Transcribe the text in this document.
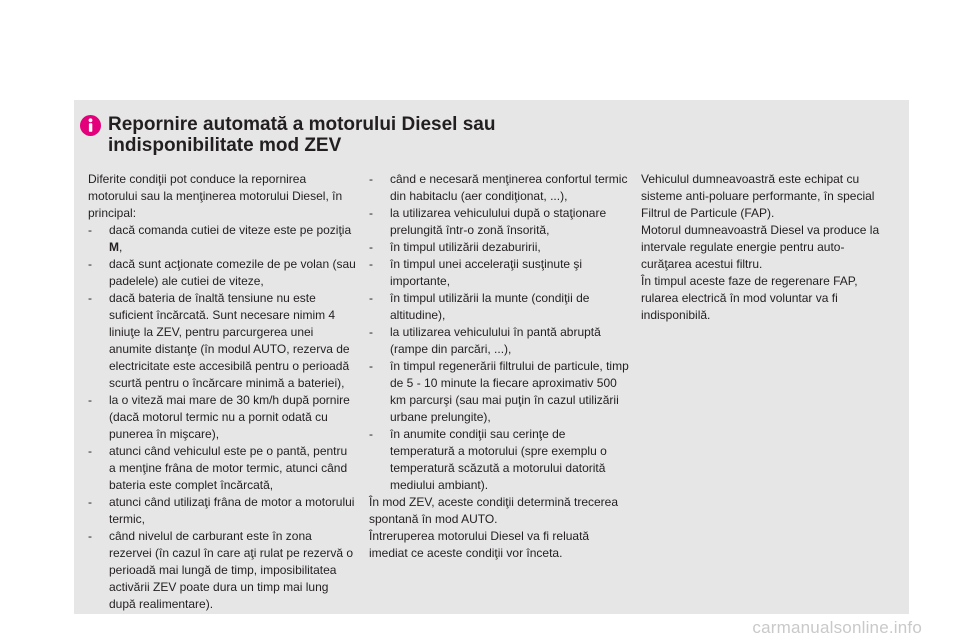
Repornire automată a motorului Diesel sau indisponibilitate mod ZEV

Diferite condiţii pot conduce la repornirea motorului sau la menţinerea motorului Diesel, în principal:

- dacă comanda cutiei de viteze este pe poziţia M,
- dacă sunt acţionate comezile de pe volan (sau padelele) ale cutiei de viteze,
- dacă bateria de înaltă tensiune nu este suficient încărcată. Sunt necesare nimim 4 liniuţe la ZEV, pentru parcurgerea unei anumite distanţe (în modul AUTO, rezerva de electricitate este accesibilă pentru o perioadă scurtă pentru o încărcare minimă a bateriei),
- la o viteză mai mare de 30 km/h după pornire (dacă motorul termic nu a pornit odată cu punerea în mişcare),
- atunci când vehiculul este pe o pantă, pentru a menţine frâna de motor termic, atunci când bateria este complet încărcată,
- atunci când utilizaţi frâna de motor a motorului termic,
- când nivelul de carburant este în zona rezervei (în cazul în care aţi rulat pe rezervă o perioadă mai lungă de timp, imposibilitatea activării ZEV poate dura un timp mai lung după realimentare).
- când e necesară menţinerea confortul termic din habitaclu (aer condiţionat, ...),
- la utilizarea vehiculului după o staţionare prelungită într-o zonă însorită,
- în timpul utilizării dezaburirii,
- în timpul unei acceleraţii susţinute şi importante,
- în timpul utilizării la munte (condiţii de altitudine),
- la utilizarea vehiculului în pantă abruptă (rampe din parcări, ...),
- în timpul regenerării filtrului de particule, timp de 5 - 10 minute la fiecare aproximativ 500 km parcurşi (sau mai puţin în cazul utilizării urbane prelungite),
- în anumite condiţii sau cerinţe de temperatură a motorului (spre exemplu o temperatură scăzută a motorului datorită mediului ambiant).

În mod ZEV, aceste condiţii determină trecerea spontană în mod AUTO.

Întreruperea motorului Diesel va fi reluată imediat ce aceste condiţii vor înceta.

Vehiculul dumneavoastră este echipat cu sisteme anti-poluare performante, în special Filtrul de Particule (FAP).

Motorul dumneavoastră Diesel va produce la intervale regulate energie pentru auto-curăţarea acestui filtru.

În timpul aceste faze de regerenare FAP, rularea electrică în mod voluntar va fi indisponibilă.

carmanualsonline.info
